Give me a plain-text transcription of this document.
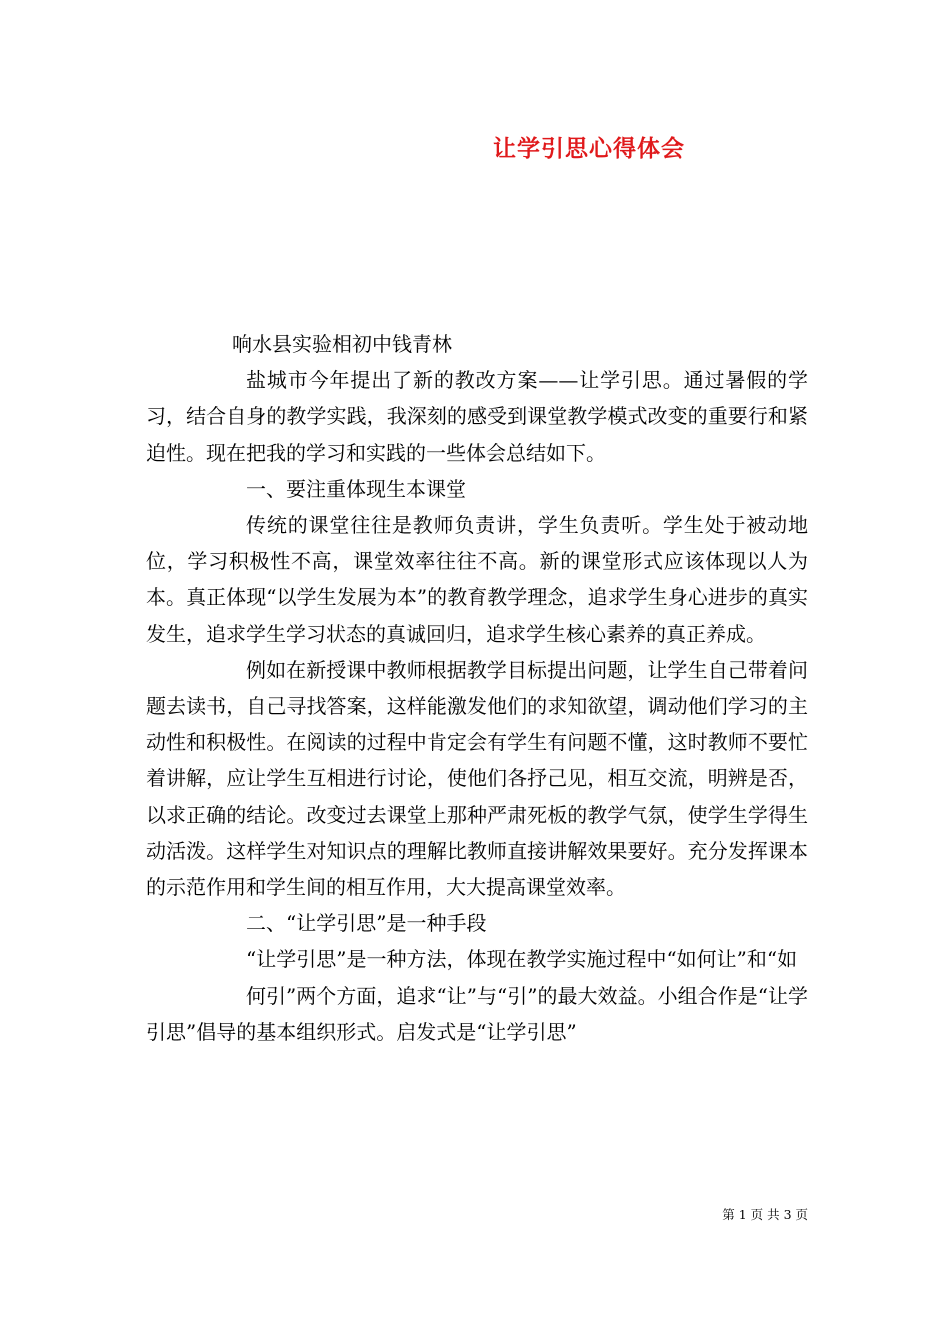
让学引思心得体会

响水县实验相初中钱青林

盐城市今年提出了新的教改方案——让学引思。通过暑假的学习，结合自身的教学实践，我深刻的感受到课堂教学模式改变的重要行和紧迫性。现在把我的学习和实践的一些体会总结如下。

一、要注重体现生本课堂

传统的课堂往往是教师负责讲，学生负责听。学生处于被动地位，学习积极性不高，课堂效率往往不高。新的课堂形式应该体现以人为本。真正体现“以学生发展为本”的教育教学理念，追求学生身心进步的真实发生，追求学生学习状态的真诚回归，追求学生核心素养的真正养成。

例如在新授课中教师根据教学目标提出问题，让学生自己带着问题去读书，自己寻找答案，这样能激发他们的求知欲望，调动他们学习的主动性和积极性。在阅读的过程中肯定会有学生有问题不懂，这时教师不要忙着讲解，应让学生互相进行讨论，使他们各抒己见，相互交流，明辨是否，以求正确的结论。改变过去课堂上那种严肃死板的教学气氛，使学生学得生动活泼。这样学生对知识点的理解比教师直接讲解效果要好。充分发挥课本的示范作用和学生间的相互作用，大大提高课堂效率。

二、“让学引思”是一种手段

“让学引思”是一种方法，体现在教学实施过程中“如何让”和“如

何引”两个方面，追求“让”与“引”的最大效益。小组合作是“让学引思”倡导的基本组织形式。启发式是“让学引思”

第 1 页 共 3 页
